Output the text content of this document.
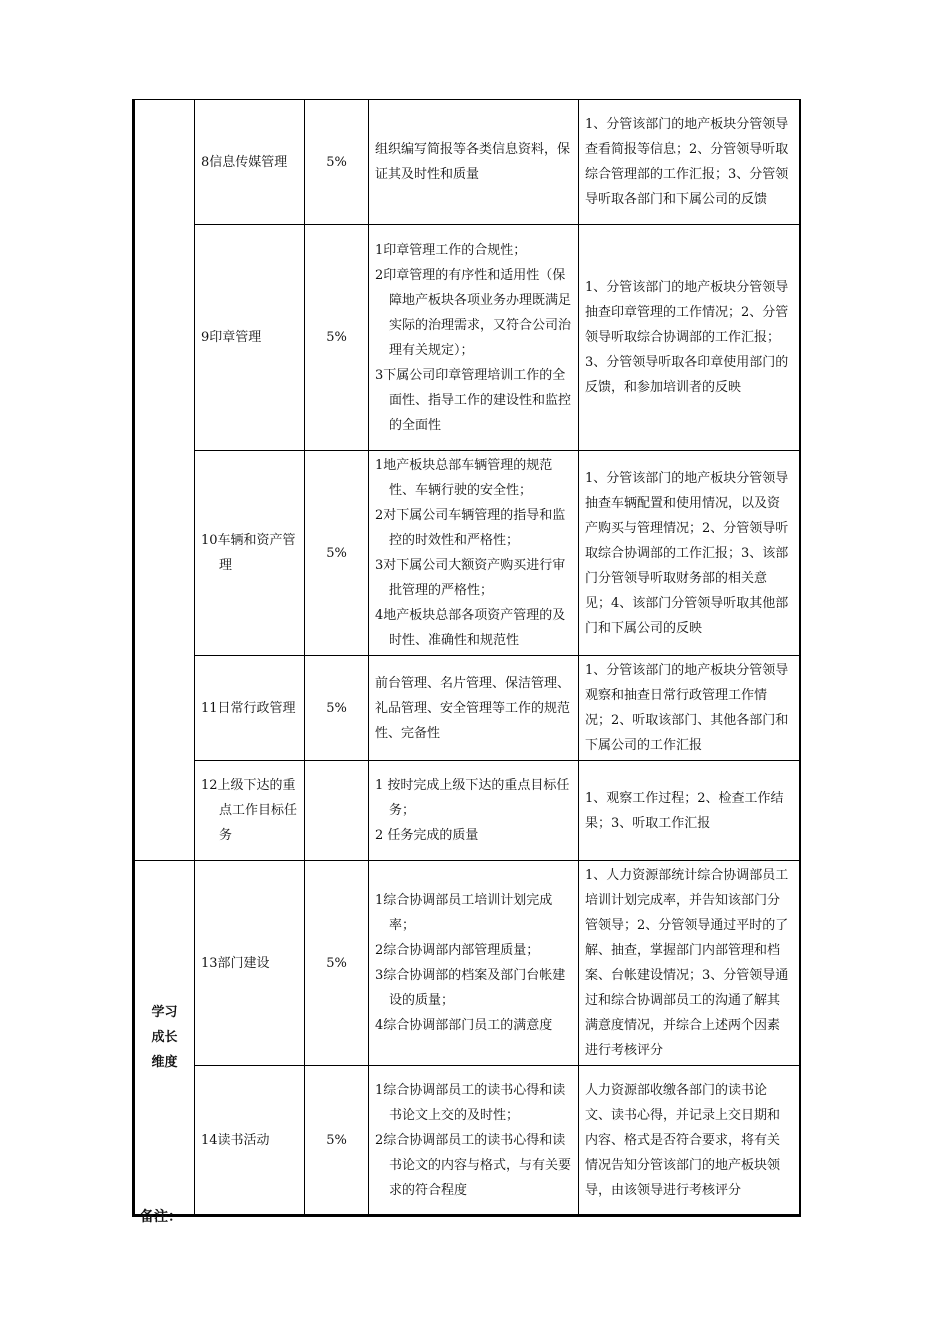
	8信息传媒管理	5%	组织编写简报等各类信息资料，保证其及时性和质量	1、分管该部门的地产板块分管领导查看简报等信息；2、分管领导听取综合管理部的工作汇报；3、分管领导听取各部门和下属公司的反馈

	9印章管理	5%	1印章管理工作的合规性；
2印章管理的有序性和适用性（保障地产板块各项业务办理既满足实际的治理需求，又符合公司治理有关规定）；
3下属公司印章管理培训工作的全面性、指导工作的建设性和监控的全面性	1、分管该部门的地产板块分管领导抽查印章管理的工作情况；2、分管领导听取综合协调部的工作汇报；3、分管领导听取各印章使用部门的反馈，和参加培训者的反映

	10车辆和资产管理	5%	1地产板块总部车辆管理的规范性、车辆行驶的安全性；
2对下属公司车辆管理的指导和监控的时效性和严格性；
3对下属公司大额资产购买进行审批管理的严格性；
4地产板块总部各项资产管理的及时性、准确性和规范性	1、分管该部门的地产板块分管领导抽查车辆配置和使用情况，以及资产购买与管理情况；2、分管领导听取综合协调部的工作汇报；3、该部门分管领导听取财务部的相关意见；4、该部门分管领导听取其他部门和下属公司的反映

	11日常行政管理	5%	前台管理、名片管理、保洁管理、礼品管理、安全管理等工作的规范性、完备性	1、分管该部门的地产板块分管领导观察和抽查日常行政管理工作情况；2、听取该部门、其他各部门和下属公司的工作汇报

	12上级下达的重点工作目标任务		1 按时完成上级下达的重点目标任务；
2 任务完成的质量	1、观察工作过程；2、检查工作结果；3、听取工作汇报
学习成长维度	13部门建设	5%	1综合协调部员工培训计划完成率；
2综合协调部内部管理质量；
3综合协调部的档案及部门台帐建设的质量；
4综合协调部部门员工的满意度	1、人力资源部统计综合协调部员工培训计划完成率，并告知该部门分管领导；2、分管领导通过平时的了解、抽查，掌握部门内部管理和档案、台帐建设情况；3、分管领导通过和综合协调部员工的沟通了解其满意度情况，并综合上述两个因素进行考核评分

	14读书活动	5%	1综合协调部员工的读书心得和读书论文上交的及时性；
2综合协调部员工的读书心得和读书论文的内容与格式，与有关要求的符合程度	人力资源部收缴各部门的读书论文、读书心得，并记录上交日期和内容、格式是否符合要求，将有关情况告知分管该部门的地产板块领导，由该领导进行考核评分
备注：
